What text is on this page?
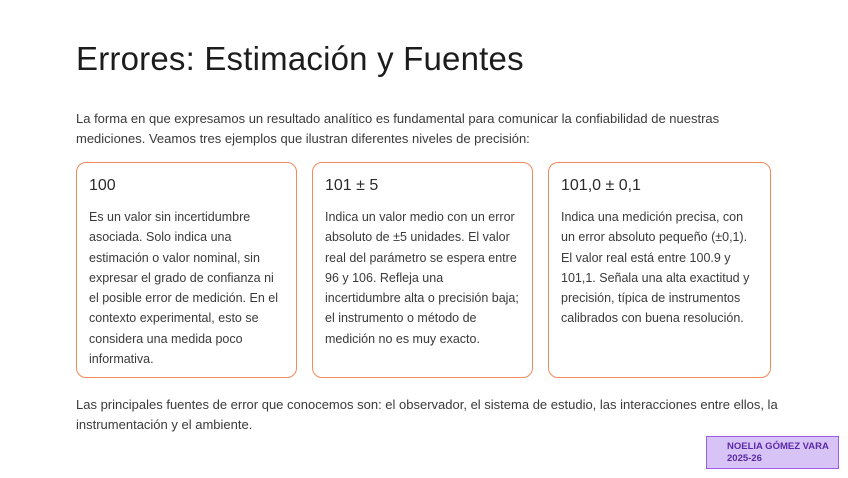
Errores: Estimación y Fuentes

La forma en que expresamos un resultado analítico es fundamental para comunicar la confiabilidad de nuestras mediciones. Veamos tres ejemplos que ilustran diferentes niveles de precisión:

100

Es un valor sin incertidumbre asociada. Solo indica una estimación o valor nominal, sin expresar el grado de confianza ni el posible error de medición. En el contexto experimental, esto se considera una medida poco informativa.

101 ± 5

Indica un valor medio con un error absoluto de ±5 unidades. El valor real del parámetro se espera entre 96 y 106. Refleja una incertidumbre alta o precisión baja; el instrumento o método de medición no es muy exacto.

101,0 ± 0,1

Indica una medición precisa, con un error absoluto pequeño (±0,1). El valor real está entre 100.9 y 101,1. Señala una alta exactitud y precisión, típica de instrumentos calibrados con buena resolución.

Las principales fuentes de error que conocemos son: el observador, el sistema de estudio, las interacciones entre ellos, la instrumentación y el ambiente.

NOELIA GÓMEZ VARA
2025-26
